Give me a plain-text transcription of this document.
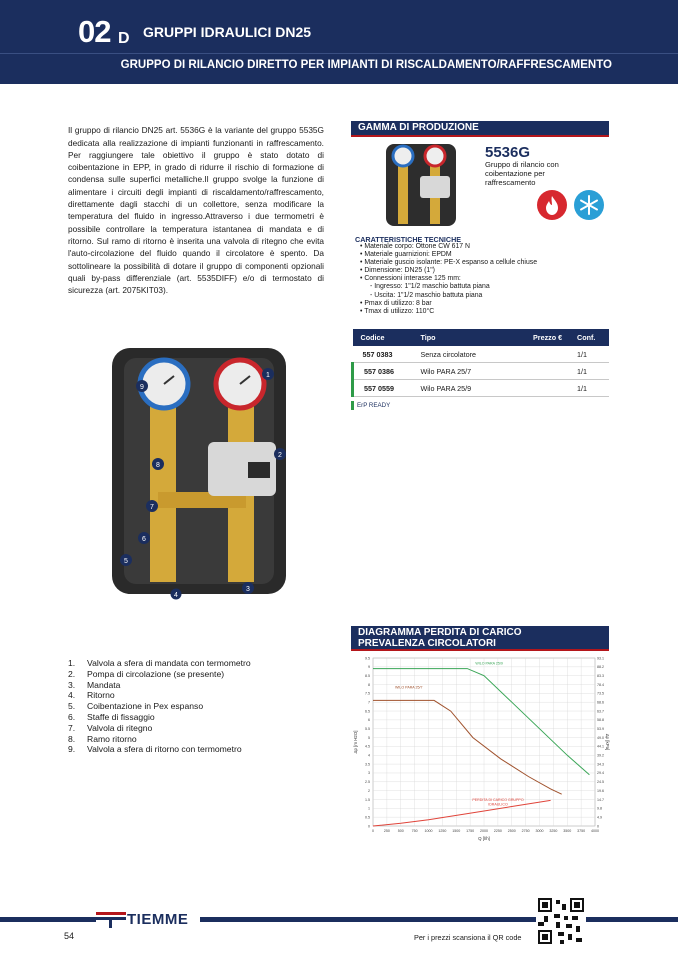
02 D GRUPPI IDRAULICI DN25
GRUPPO DI RILANCIO DIRETTO PER IMPIANTI DI RISCALDAMENTO/RAFFRESCAMENTO

Il gruppo di rilancio DN25 art. 5536G è la variante del gruppo 5535G dedicata alla realizzazione di impianti funzionanti in raffrescamento. Per raggiungere tale obiettivo il gruppo è stato dotato di coibentazione in EPP, in grado di ridurre il rischio di formazione di condensa sulle superfici metalliche.Il gruppo svolge la funzione di alimentare i circuiti degli impianti di riscaldamento/raffrescamento, direttamente dagli stacchi di un collettore, senza modificare la temperatura del fluido in ingresso.Attraverso i due termometri è possibile controllare la temperatura istantanea di mandata e di ritorno. Sul ramo di ritorno è inserita una valvola di ritegno che evita l'auto-circolazione del fluido quando il circolatore è spento. Da sottolineare la possibilità di dotare il gruppo di componenti opzionali quali by-pass differenziale (art. 5535DIFF) e/o di termostato di sicurezza (art. 2075KIT03).

9
1
2
8
7
6
5
4
3
1.	Valvola a sfera di mandata con termometro
2.	Pompa di circolazione (se presente)
3.	Mandata
4.	Ritorno
5.	Coibentazione in Pex espanso
6.	Staffe di fissaggio
7.	Valvola di ritegno
8.	Ramo ritorno
9.	Valvola a sfera di ritorno con termometro
GAMMA DI PRODUZIONE
5536G
Gruppo di rilancio con coibentazione per raffrescamento
CARATTERISTICHE TECNICHE
• Materiale corpo: Ottone CW 617 N
• Materiale guarnizioni: EPDM
• Materiale guscio isolante: PE-X espanso a cellule chiuse
• Dimensione: DN25 (1")
• Connessioni interasse 125 mm:
- Ingresso: 1"1/2 maschio battuta piana
- Uscita: 1"1/2 maschio battuta piana
• Pmax di utilizzo: 8 bar
• Tmax di utilizzo: 110°C
Codice	Tipo	Prezzo €	Conf.
557 0383	Senza circolatore		1/1
557 0386	Wilo PARA 25/7		1/1
557 0559	Wilo PARA 25/9		1/1
ErP READY
DIAGRAMMA PERDITA DI CARICO
PREVALENZA CIRCOLATORI
0	250 500 750 1000 1250 1500 1750 2000 2250 2500 2750 3000 3250 3500 3750 4000
0	0
0.5	4.9
1	9.8
1.5	14.7
2	19.6
2.5	24.5
3	29.4
3.5	34.3
4	39.2
4.5	44.1
5	49.0
5.5	53.9
6	58.8
6.5	63.7
7	68.6
7.5	73.5
8	78.4
8.5	83.3
9	88.2
9.5	93.1
Q [l/h]
Δp [m H2O]	Δp [kPa]
WILO PARA 25/9
WILO PARA 25/7
PERDITA DI CARICO GRUPPO
IDRAULICO
TIEMME
54	Per i prezzi scansiona il QR code
